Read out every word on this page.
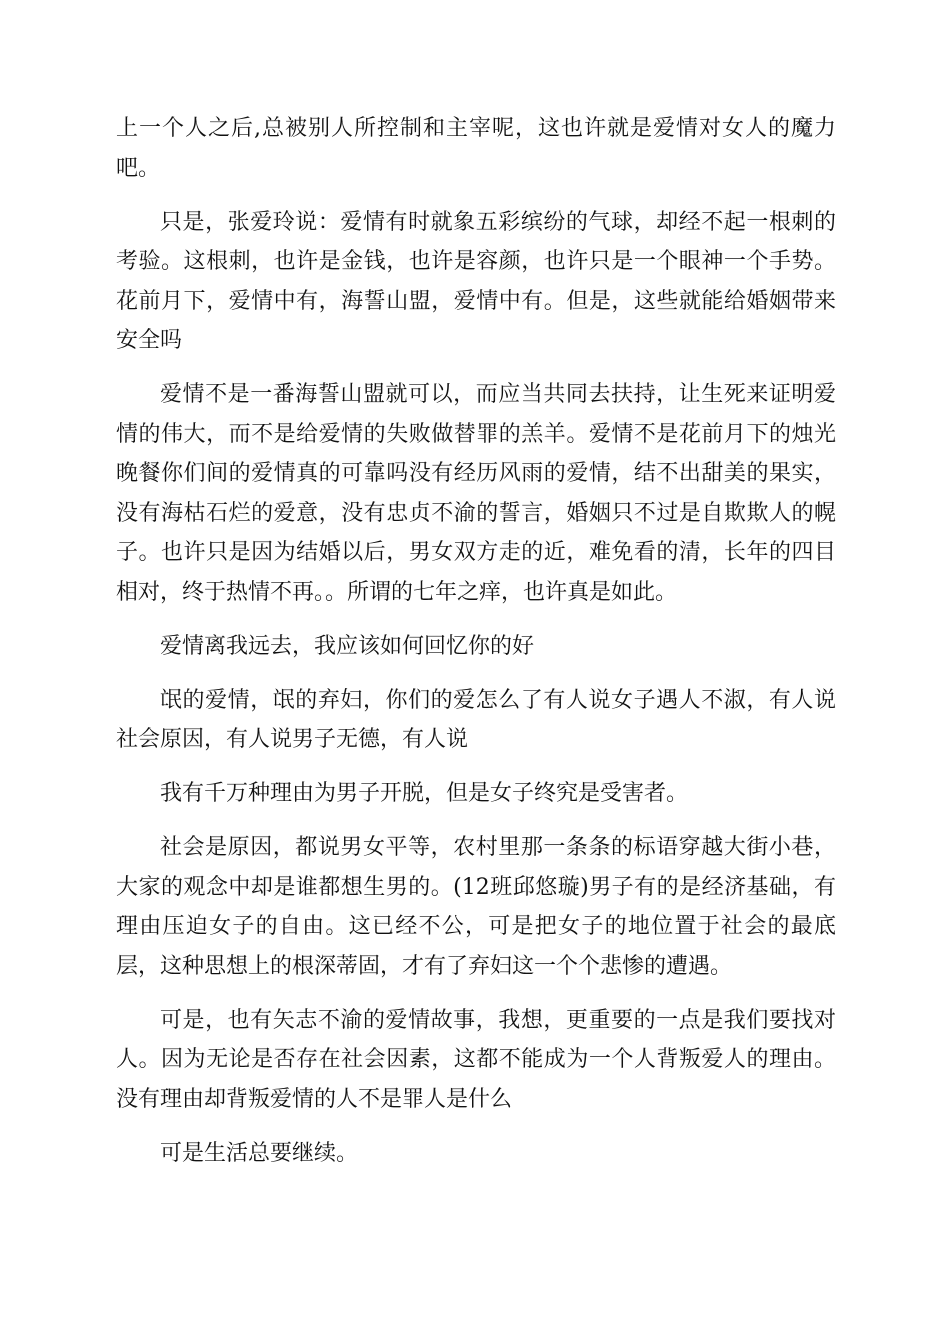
上一个人之后,总被别人所控制和主宰呢，这也许就是爱情对女人的魔力吧。

只是，张爱玲说：爱情有时就象五彩缤纷的气球，却经不起一根刺的考验。这根刺，也许是金钱，也许是容颜，也许只是一个眼神一个手势。花前月下，爱情中有，海誓山盟，爱情中有。但是，这些就能给婚姻带来安全吗

爱情不是一番海誓山盟就可以，而应当共同去扶持，让生死来证明爱情的伟大，而不是给爱情的失败做替罪的羔羊。爱情不是花前月下的烛光晚餐你们间的爱情真的可靠吗没有经历风雨的爱情，结不出甜美的果实，没有海枯石烂的爱意，没有忠贞不渝的誓言，婚姻只不过是自欺欺人的幌子。也许只是因为结婚以后，男女双方走的近，难免看的清，长年的四目相对，终于热情不再。。所谓的七年之痒，也许真是如此。

爱情离我远去，我应该如何回忆你的好

氓的爱情，氓的弃妇，你们的爱怎么了有人说女子遇人不淑，有人说社会原因，有人说男子无德，有人说

我有千万种理由为男子开脱，但是女子终究是受害者。

社会是原因，都说男女平等，农村里那一条条的标语穿越大街小巷，大家的观念中却是谁都想生男的。(12班邱悠璇)男子有的是经济基础，有理由压迫女子的自由。这已经不公，可是把女子的地位置于社会的最底层，这种思想上的根深蒂固，才有了弃妇这一个个悲惨的遭遇。

可是，也有矢志不渝的爱情故事，我想，更重要的一点是我们要找对人。因为无论是否存在社会因素，这都不能成为一个人背叛爱人的理由。没有理由却背叛爱情的人不是罪人是什么

可是生活总要继续。
